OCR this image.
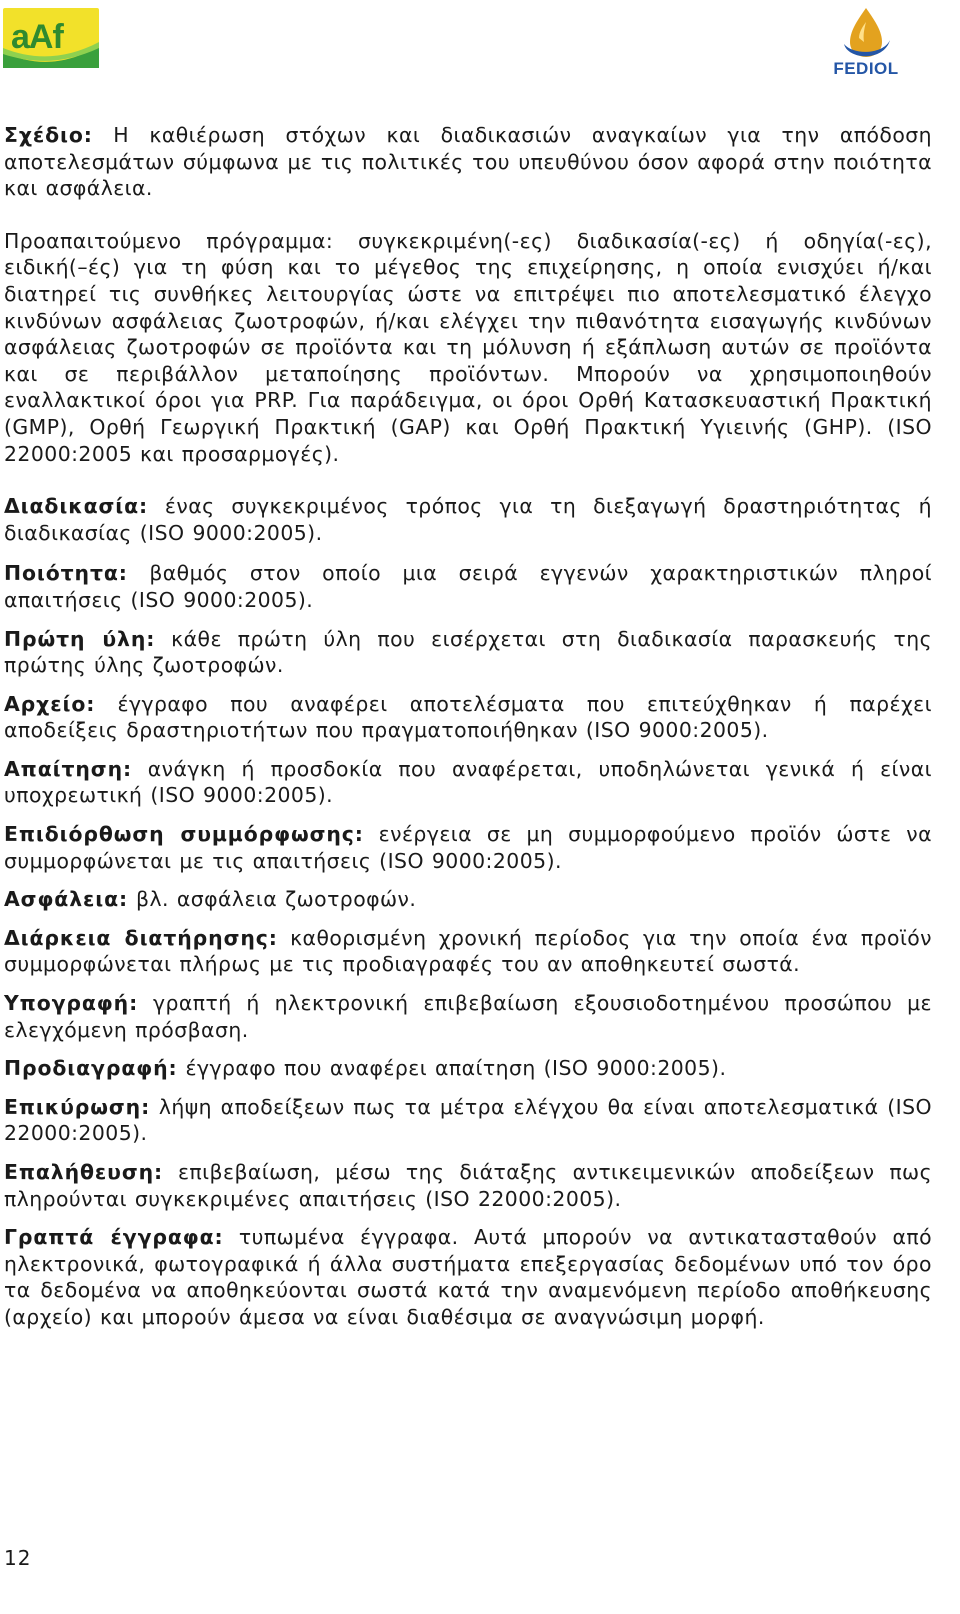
aAf
FEDIOL

Σχέδιο: Η καθιέρωση στόχων και διαδικασιών αναγκαίων για την απόδοση αποτελεσμάτων σύμφωνα με τις πολιτικές του υπευθύνου όσον αφορά στην ποιότητα και ασφάλεια.

Προαπαιτούμενο πρόγραμμα: συγκεκριμένη(-ες) διαδικασία(-ες) ή οδηγία(-ες), ειδική(–ές) για τη φύση και το μέγεθος της επιχείρησης, η οποία ενισχύει ή/και διατηρεί τις συνθήκες λειτουργίας ώστε να επιτρέψει πιο αποτελεσματικό έλεγχο κινδύνων ασφάλειας ζωοτροφών, ή/και ελέγχει την πιθανότητα εισαγωγής κινδύνων ασφάλειας ζωοτροφών σε προϊόντα και τη μόλυνση ή εξάπλωση αυτών σε προϊόντα και σε περιβάλλον μεταποίησης προϊόντων. Μπορούν να χρησιμοποιηθούν εναλλακτικοί όροι για PRP. Για παράδειγμα, οι όροι Ορθή Κατασκευαστική Πρακτική (GMP), Ορθή Γεωργική Πρακτική (GAP) και Ορθή Πρακτική Υγιεινής (GHP). (ISO 22000:2005 και προσαρμογές).

Διαδικασία: ένας συγκεκριμένος τρόπος για τη διεξαγωγή δραστηριότητας ή διαδικασίας (ISO 9000:2005).

Ποιότητα: βαθμός στον οποίο μια σειρά εγγενών χαρακτηριστικών πληροί απαιτήσεις (ISO 9000:2005).

Πρώτη ύλη: κάθε πρώτη ύλη που εισέρχεται στη διαδικασία παρασκευής της πρώτης ύλης ζωοτροφών.

Αρχείο: έγγραφο που αναφέρει αποτελέσματα που επιτεύχθηκαν ή παρέχει αποδείξεις δραστηριοτήτων που πραγματοποιήθηκαν (ISO 9000:2005).

Απαίτηση: ανάγκη ή προσδοκία που αναφέρεται, υποδηλώνεται γενικά ή είναι υποχρεωτική (ISO 9000:2005).

Επιδιόρθωση συμμόρφωσης: ενέργεια σε μη συμμορφούμενο προϊόν ώστε να συμμορφώνεται με τις απαιτήσεις (ISO 9000:2005).

Ασφάλεια: βλ. ασφάλεια ζωοτροφών.

Διάρκεια διατήρησης: καθορισμένη χρονική περίοδος για την οποία ένα προϊόν συμμορφώνεται πλήρως με τις προδιαγραφές του αν αποθηκευτεί σωστά.

Υπογραφή: γραπτή ή ηλεκτρονική επιβεβαίωση εξουσιοδοτημένου προσώπου με ελεγχόμενη πρόσβαση.

Προδιαγραφή: έγγραφο που αναφέρει απαίτηση (ISO 9000:2005).

Επικύρωση: λήψη αποδείξεων πως τα μέτρα ελέγχου θα είναι αποτελεσματικά (ISO 22000:2005).

Επαλήθευση: επιβεβαίωση, μέσω της διάταξης αντικειμενικών αποδείξεων πως πληρούνται συγκεκριμένες απαιτήσεις (ISO 22000:2005).

Γραπτά έγγραφα: τυπωμένα έγγραφα. Αυτά μπορούν να αντικατασταθούν από ηλεκτρονικά, φωτογραφικά ή άλλα συστήματα επεξεργασίας δεδομένων υπό τον όρο τα δεδομένα να αποθηκεύονται σωστά κατά την αναμενόμενη περίοδο αποθήκευσης (αρχείο) και μπορούν άμεσα να είναι διαθέσιμα σε αναγνώσιμη μορφή.

12
